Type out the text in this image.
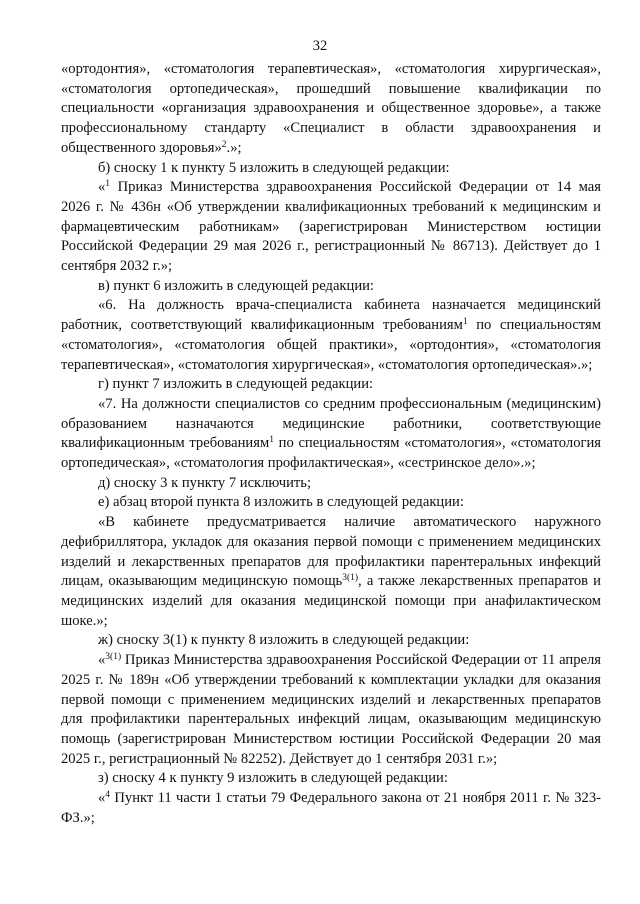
32

«ортодонтия», «стоматология терапевтическая», «стоматология хирургическая», «стоматология ортопедическая», прошедший повышение квалификации по специальности «организация здравоохранения и общественное здоровье», а также профессиональному стандарту «Специалист в области здравоохранения и общественного здоровья»$^2$.»;

б) сноску 1 к пункту 5 изложить в следующей редакции:

«$^1$ Приказ Министерства здравоохранения Российской Федерации от 14 мая 2026 г. № 436н «Об утверждении квалификационных требований к медицинским и фармацевтическим работникам» (зарегистрирован Министерством юстиции Российской Федерации 29 мая 2026 г., регистрационный № 86713). Действует до 1 сентября 2032 г.»;

в) пункт 6 изложить в следующей редакции:

«6. На должность врача-специалиста кабинета назначается медицинский работник, соответствующий квалификационным требованиям$^1$ по специальностям «стоматология», «стоматология общей практики», «ортодонтия», «стоматология терапевтическая», «стоматология хирургическая», «стоматология ортопедическая».»;

г) пункт 7 изложить в следующей редакции:

«7. На должности специалистов со средним профессиональным (медицинским) образованием назначаются медицинские работники, соответствующие квалификационным требованиям$^1$ по специальностям «стоматология», «стоматология ортопедическая», «стоматология профилактическая», «сестринское дело».»;

д) сноску 3 к пункту 7 исключить;

е) абзац второй пункта 8 изложить в следующей редакции:

«В кабинете предусматривается наличие автоматического наружного дефибриллятора, укладок для оказания первой помощи с применением медицинских изделий и лекарственных препаратов для профилактики парентеральных инфекций лицам, оказывающим медицинскую помощь$^{3(1)}$, а также лекарственных препаратов и медицинских изделий для оказания медицинской помощи при анафилактическом шоке.»;

ж) сноску 3(1) к пункту 8 изложить в следующей редакции:

«$^{3(1)}$ Приказ Министерства здравоохранения Российской Федерации от 11 апреля 2025 г. № 189н «Об утверждении требований к комплектации укладки для оказания первой помощи с применением медицинских изделий и лекарственных препаратов для профилактики парентеральных инфекций лицам, оказывающим медицинскую помощь (зарегистрирован Министерством юстиции Российской Федерации 20 мая 2025 г., регистрационный № 82252). Действует до 1 сентября 2031 г.»;

з) сноску 4 к пункту 9 изложить в следующей редакции:

«$^4$ Пункт 11 части 1 статьи 79 Федерального закона от 21 ноября 2011 г. № 323-ФЗ.»;
